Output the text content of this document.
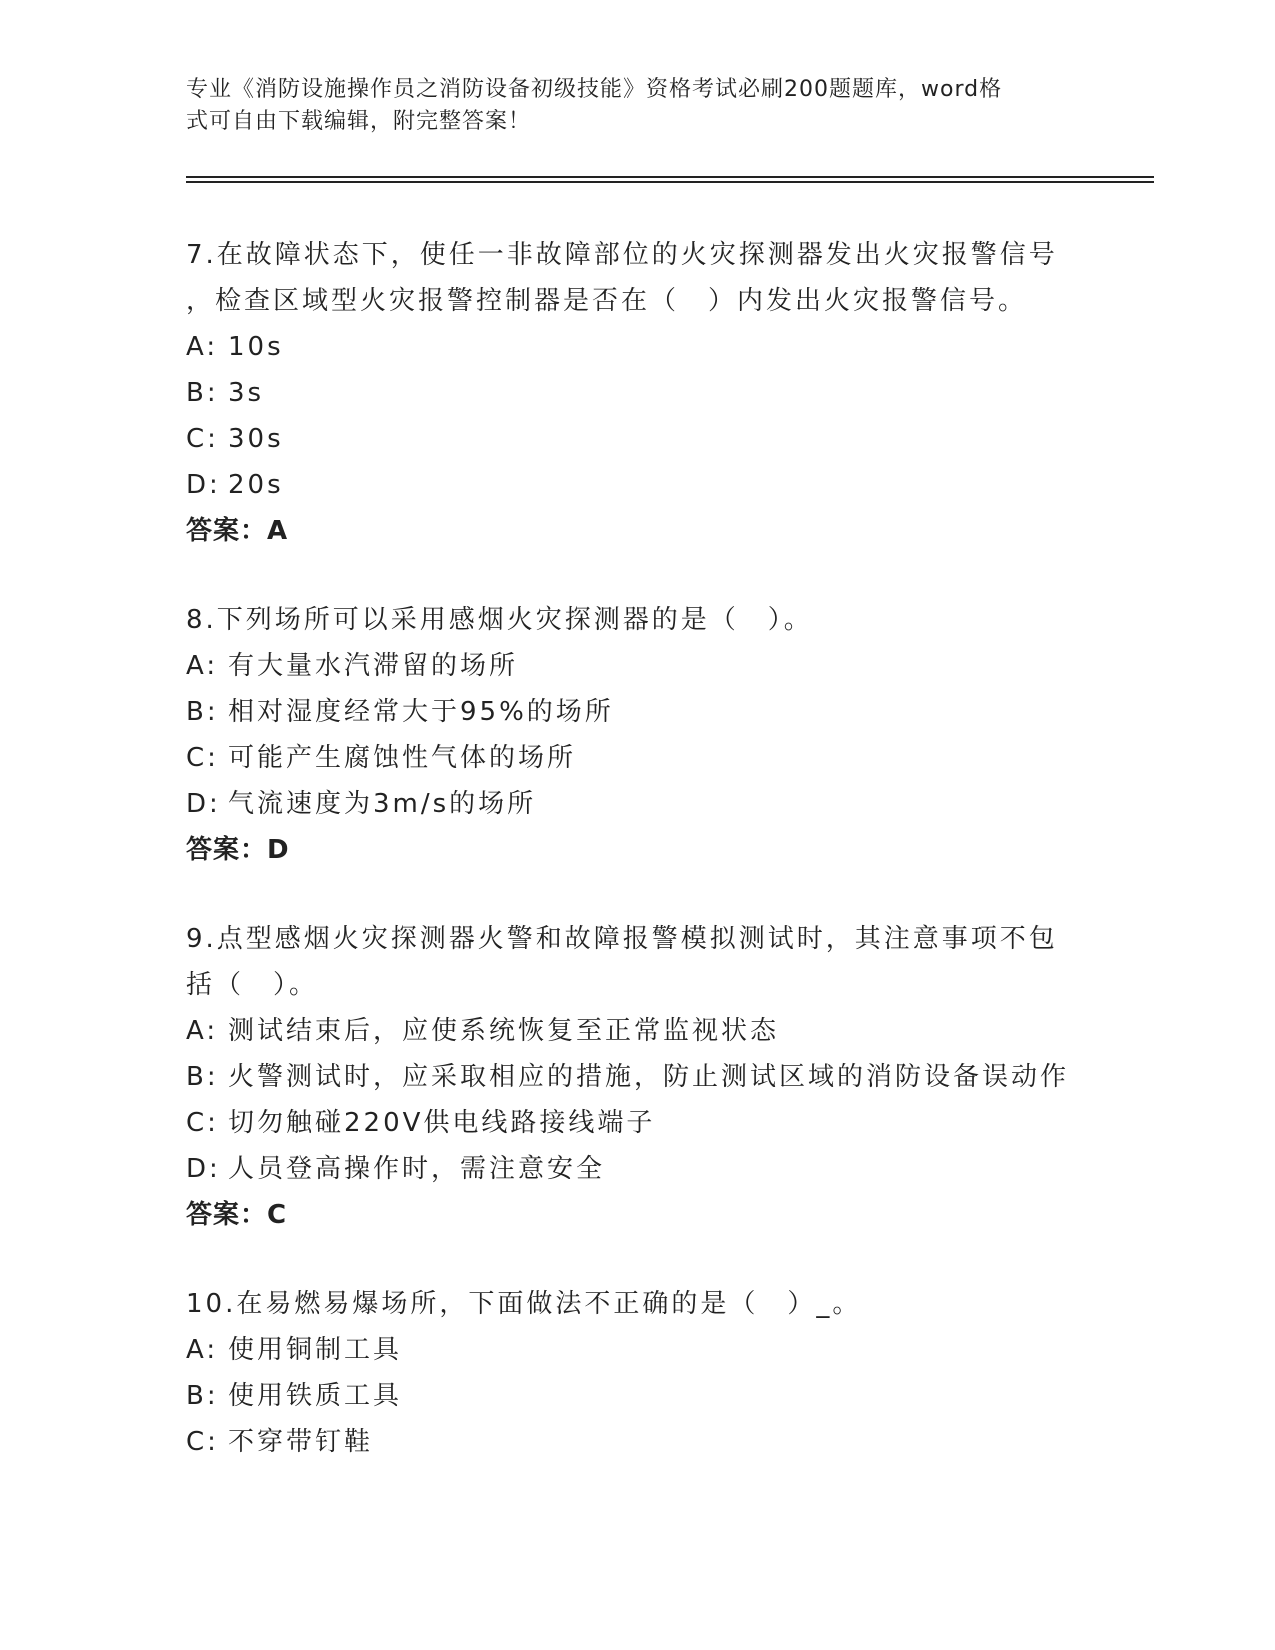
专业《消防设施操作员之消防设备初级技能》资格考试必刷200题题库，word格
式可自由下载编辑，附完整答案！

7.在故障状态下，使任一非故障部位的火灾探测器发出火灾报警信号

，检查区域型火灾报警控制器是否在（　）内发出火灾报警信号。

A: 10s

B: 3s

C: 30s

D: 20s

答案：A

8.下列场所可以采用感烟火灾探测器的是（　）。

A: 有大量水汽滞留的场所

B: 相对湿度经常大于95%的场所

C: 可能产生腐蚀性气体的场所

D: 气流速度为3m/s的场所

答案：D

9.点型感烟火灾探测器火警和故障报警模拟测试时，其注意事项不包

括（　）。

A: 测试结束后，应使系统恢复至正常监视状态

B: 火警测试时，应采取相应的措施，防止测试区域的消防设备误动作

C: 切勿触碰220V供电线路接线端子

D: 人员登高操作时，需注意安全

答案：C

10.在易燃易爆场所，下面做法不正确的是（　）_。

A: 使用铜制工具

B: 使用铁质工具

C: 不穿带钉鞋
